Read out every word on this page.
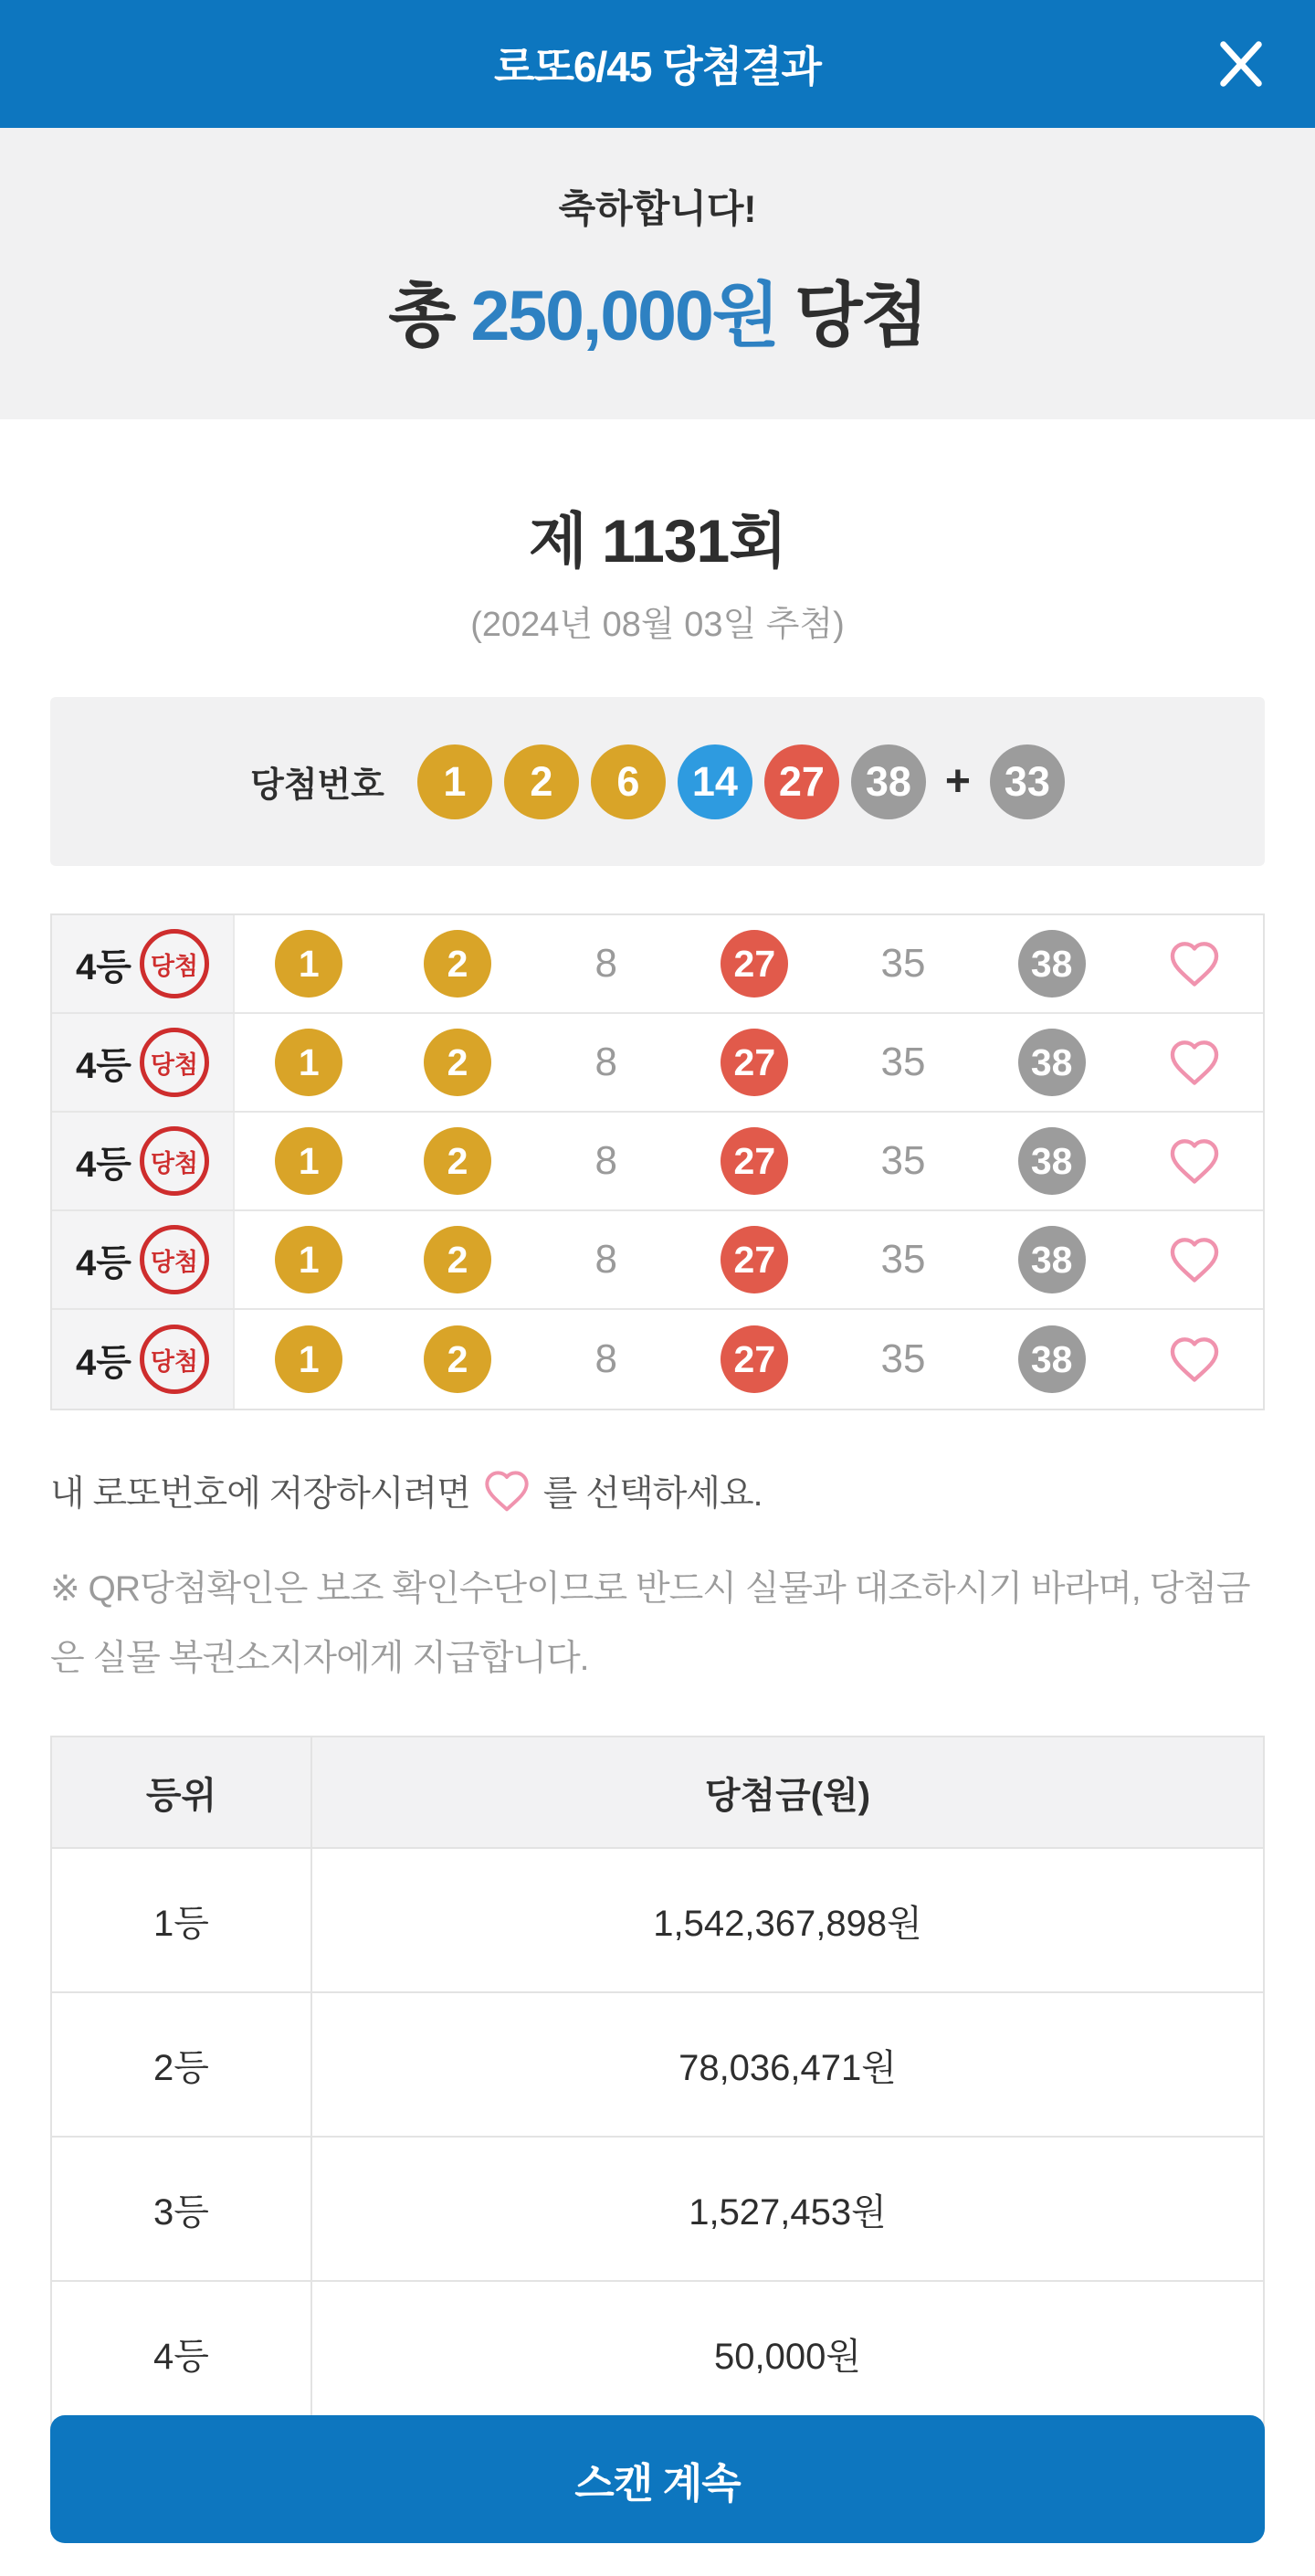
로또6/45 당첨결과
축하합니다!
총 250,000원 당첨
제 1131회
(2024년 08월 03일 추첨)
당첨번호	1	2	6	14 27 38 + 33
4등 당첨	1	2	8	27	35	38
4등 당첨	1	2	8	27	35	38
4등 당첨	1	2	8	27	35	38
4등 당첨	1	2	8	27	35	38
4등 당첨	1	2	8	27	35	38
내 로또번호에 저장하시려면 를 선택하세요.

※ QR당첨확인은 보조 확인수단이므로 반드시 실물과 대조하시기 바라며, 당첨금은 실물 복권소지자에게 지급합니다.

등위	당첨금(원)
1등	1,542,367,898원
2등	78,036,471원
3등	1,527,453원
4등	50,000원
스캔 계속
